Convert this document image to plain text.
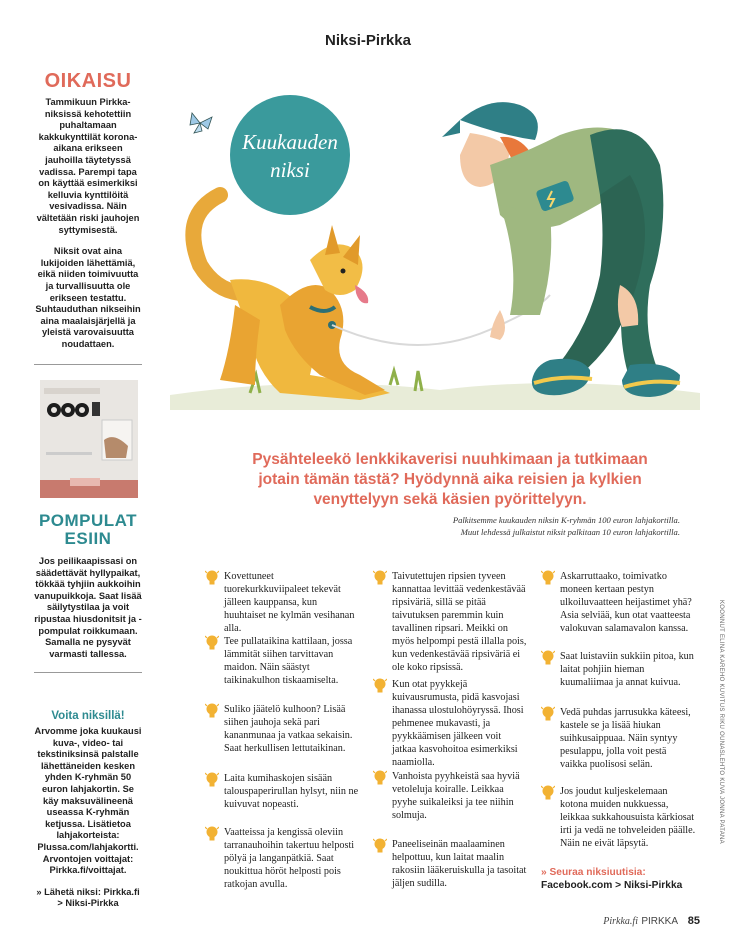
Niksi-Pirkka
OIKAISU

Tammikuun Pirkka-niksissä kehotettiin puhaltamaan kakkukynttilät korona-aikana erikseen jauhoilla täytetyssä vadissa. Parempi tapa on käyttää esimerkiksi kelluvia kynttilöitä vesivadissa. Näin vältetään riski jauhojen syttymisestä.

Niksit ovat aina lukijoiden lähettämiä, eikä niiden toimivuutta ja turvallisuutta ole erikseen testattu. Suhtauduthan nikseihin aina maalaisjärjellä ja yleistä varovaisuutta noudattaen.

POMPULAT ESIIN

Jos peilikaapissasi on säädettävät hyllypaikat, tökkää tyhjiin aukkoihin vanupuikkoja. Saat lisää säilytystilaa ja voit ripustaa hiusdonitsit ja -pompulat roikkumaan. Samalla ne pysyvät varmasti tallessa.

Voita niksillä!

Arvomme joka kuukausi kuva-, video- tai tekstiniksinsä palstalle lähettäneiden kesken yhden K-ryhmän 50 euron lahjakortin. Se käy maksuvälineenä useassa K-ryhmän ketjussa. Lisätietoa lahjakorteista: Plussa.com/lahjakortti. Arvontojen voittajat: Pirkka.fi/voittajat.

» Lähetä niksi: Pirkka.fi > Niksi-Pirkka

Kuukauden
niksi
Pysähteleekö lenkkikaverisi nuuhkimaan ja tutkimaan jotain tämän tästä? Hyödynnä aika reisien ja kylkien venyttelyyn sekä käsien pyörittelyyn.
Palkitsemme kuukauden niksin K-ryhmän 100 euron lahjakortilla.
Muut lehdessä julkaistut niksit palkitaan 10 euron lahjakortilla.
Kovettuneet tuorekurkkuviipaleet tekevät jälleen kauppansa, kun huuhtaiset ne kylmän vesihanan alla.
Tee pullataikina kattilaan, jossa lämmität siihen tarvittavan maidon. Näin säästyt taikinakulhon tiskaamiselta.
Suliko jäätelö kulhoon? Lisää siihen jauhoja sekä pari kananmunaa ja vatkaa sekaisin. Saat herkullisen lettutaikinan.
Laita kumihaskojen sisään talouspaperirullan hylsyt, niin ne kuivuvat nopeasti.
Vaatteissa ja kengissä oleviin tarranauhoihin takertuu helposti pölyä ja langanpätkiä. Saat noukittua höröt helposti pois ratkojan avulla.
Taivutettujen ripsien tyveen kannattaa levittää vedenkestävää ripsiväriä, sillä se pitää taivutuksen paremmin kuin tavallinen ripsari. Meikki on myös helpompi pestä illalla pois, kun vedenkestävää ripsiväriä ei ole koko ripsissä.
Kun otat pyykkejä kuivausrumusta, pidä kasvojasi ihanassa ulostulohöyryssä. Ihosi pehmenee mukavasti, ja pyykkäämisen jälkeen voit jatkaa kasvohoitoa esimerkiksi naamiolla.
Vanhoista pyyhkeistä saa hyviä vetoleluja koiralle. Leikkaa pyyhe suikaleiksi ja tee niihin solmuja.
Paneeliseinän maalaaminen helpottuu, kun laitat maalin rakosiin lääkeruiskulla ja tasoitat jäljen sudilla.
Askarruttaako, toimivatko moneen kertaan pestyn ulkoiluvaatteen heijastimet yhä? Asia selviää, kun otat vaatteesta valokuvan salamavalon kanssa.
Saat luistaviin sukkiin pitoa, kun laitat pohjiin hieman kuumaliimaa ja annat kuivua.
Vedä puhdas jarrusukka käteesi, kastele se ja lisää hiukan suihkusaippuaa. Näin syntyy pesulappu, jolla voit pestä vaikka puolisosi selän.
Jos joudut kuljeskelemaan kotona muiden nukkuessa, leikkaa sukkahousuista kärkiosat irti ja vedä ne tohveleiden päälle. Näin ne eivät läpsytä.
» Seuraa niksiuutisia:
Facebook.com > Niksi-Pirkka
KOONNUT ELINA KAREHO KUVITUS RIKU OUNASLEHTO KUVA JONNA PATANA
Pirkka.fi PIRKKA 85
